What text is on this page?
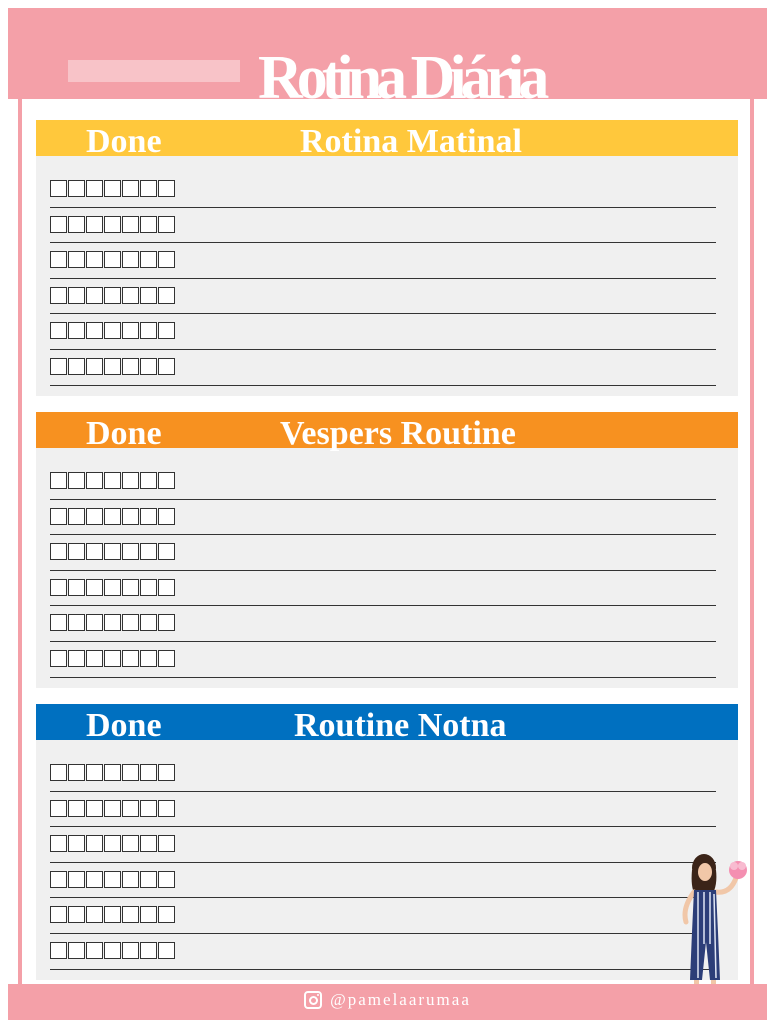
Rotina Diária
Done	Rotina Matinal
Done	Vespers Routine
Done	Routine Notna
@pamelaarumaa
